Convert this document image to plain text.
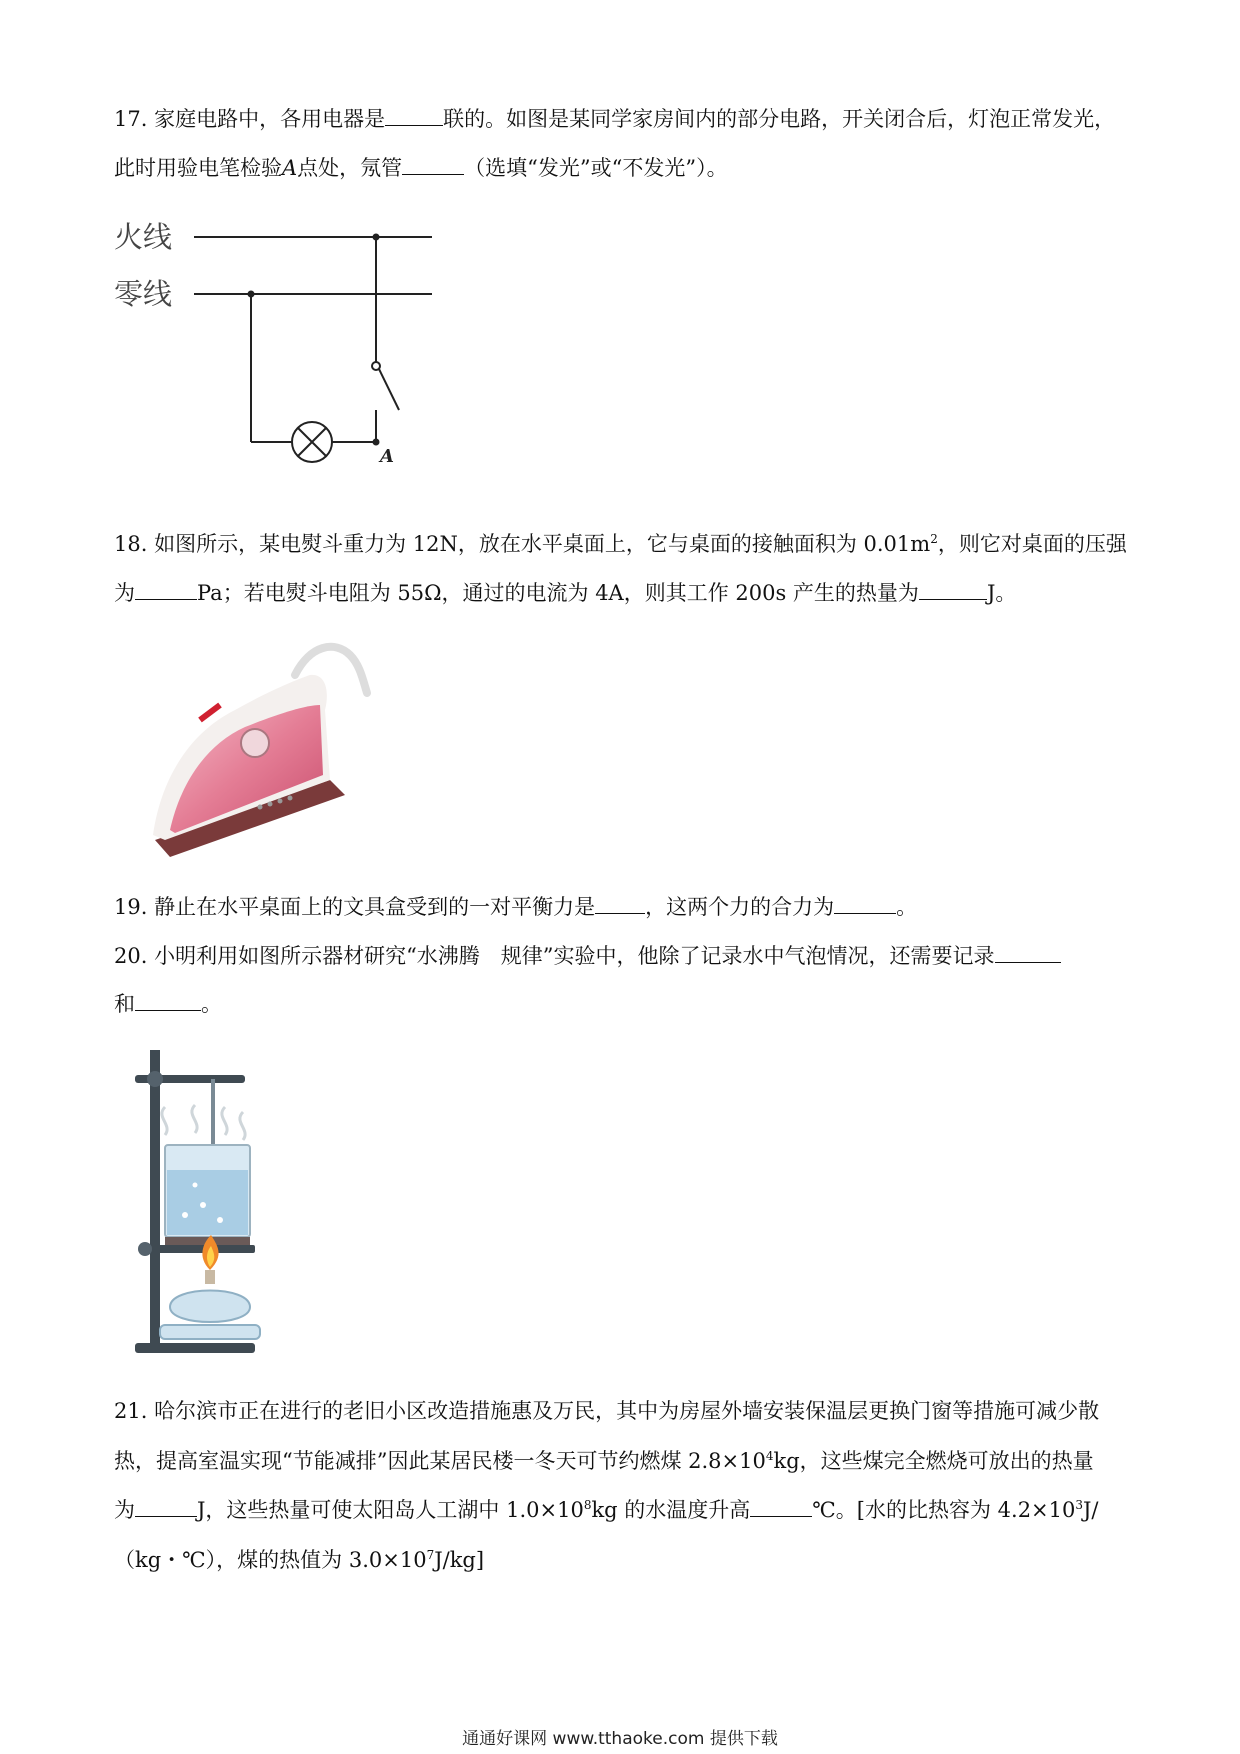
17. 家庭电路中，各用电器是	联的。如图是某同学家房间内的部分电路，开关闭合后，灯泡正常发光，
此时用验电笔检验A点处，氖管	（选填“发光”或“不发光”）。
火线
零线
A
18. 如图所示，某电熨斗重力为 12N，放在水平桌面上，它与桌面的接触面积为 $0.01m^2$，则它对桌面的压强
为	Pa；若电熨斗电阻为 55Ω，通过的电流为 4A，则其工作 200s 产生的热量为	J。
19. 静止在水平桌面上的文具盒受到的一对平衡力是 ，这两个力的合力为	。
20. 小明利用如图所示器材研究“水沸腾　规律”实验中，他除了记录水中气泡情况，还需要记录
和	。
21. 哈尔滨市正在进行的老旧小区改造措施惠及万民，其中为房屋外墙安装保温层更换门窗等措施可减少散
热，提高室温实现“节能减排”因此某居民楼一冬天可节约燃煤 $2.8\times 10^4kg$，这些煤完全燃烧可放出的热量
为	J，这些热量可使太阳岛人工湖中 $1.0\times 10^8kg$ 的水温度升高	℃。[水的比热容为 $4.2\times 10^3J/$
（kg・℃），煤的热值为 $3.0\times 10^7J/kg$]
通通好课网 www.tthaoke.com 提供下载
